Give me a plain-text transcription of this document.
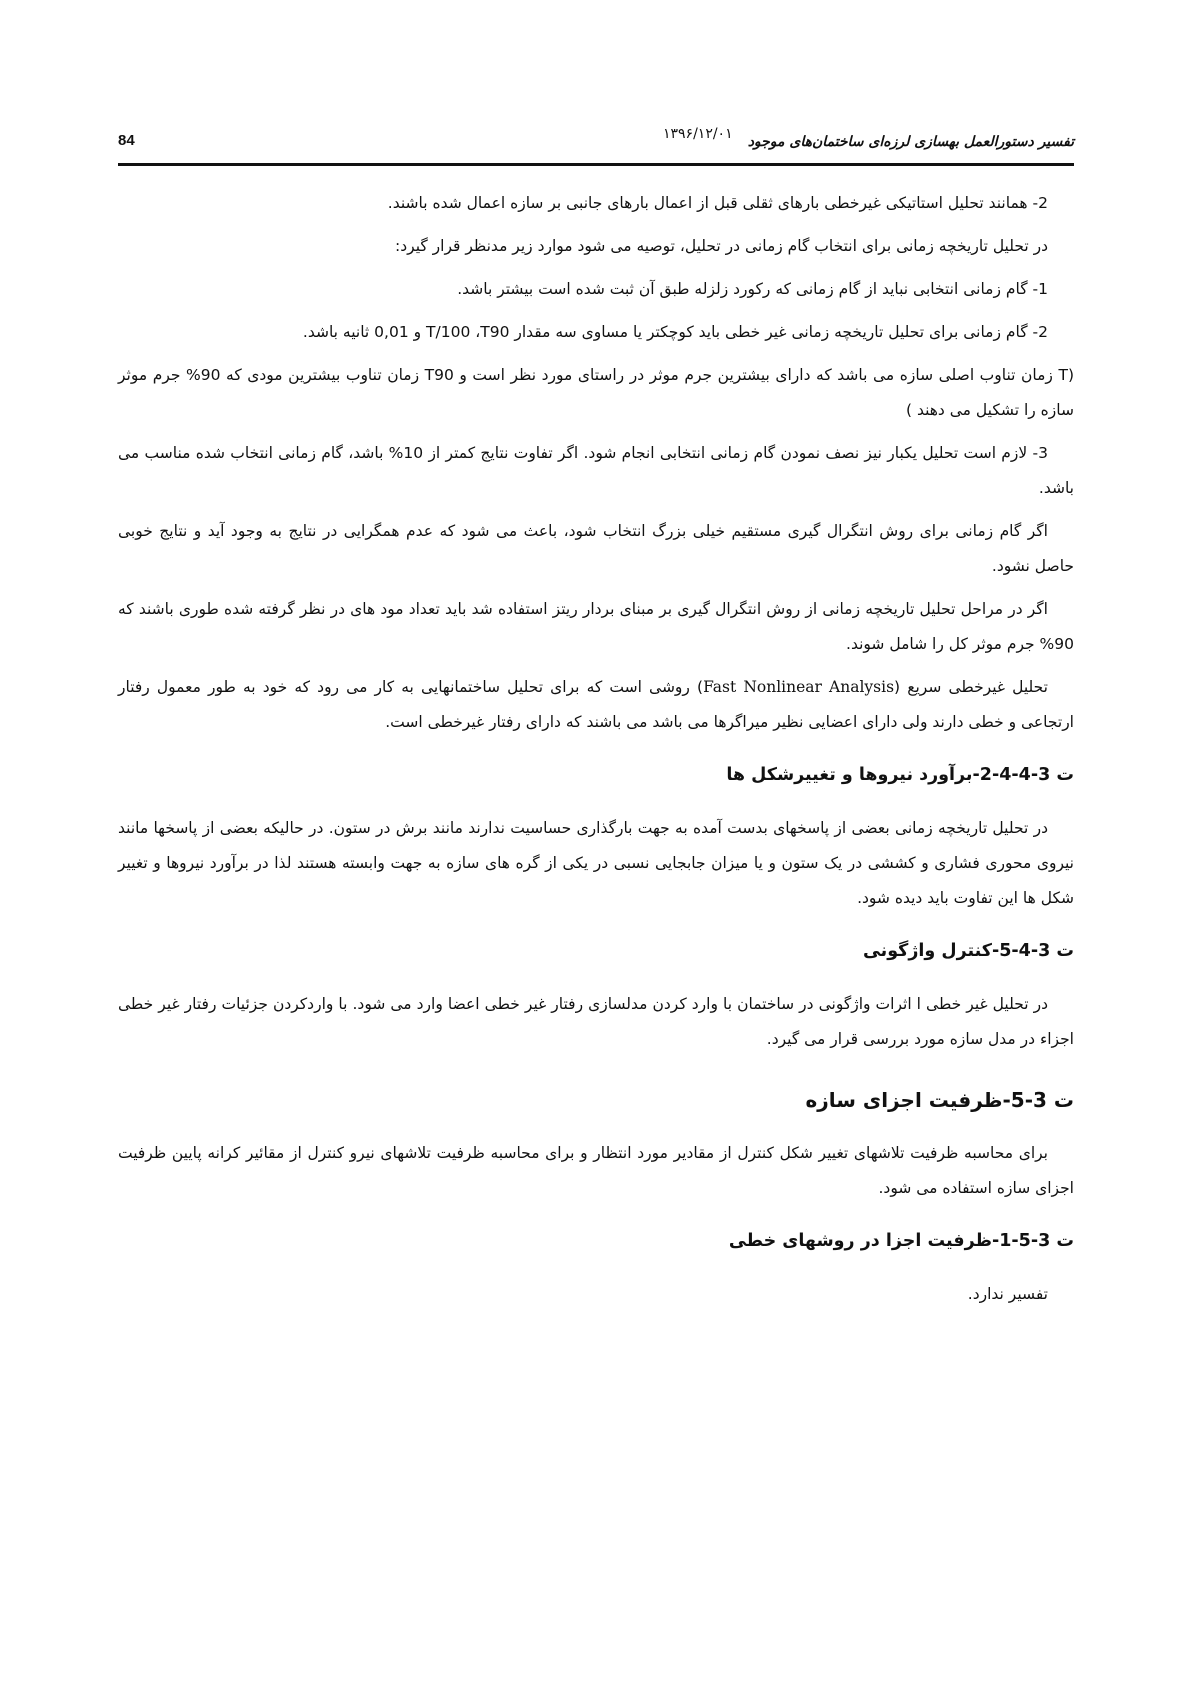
84	۱۳۹۶/۱۲/۰۱ تفسیر دستورالعمل بهسازی لرزه‌ای ساختمان‌های موجود

2- همانند تحلیل استاتیکی غیرخطی بارهای ثقلی قبل از اعمال بارهای جانبی بر سازه اعمال شده باشند.

در تحلیل تاریخچه زمانی برای انتخاب گام زمانی در تحلیل، توصیه می شود موارد زیر مدنظر قرار گیرد:

1- گام زمانی انتخابی نباید از گام زمانی که رکورد زلزله طبق آن ثبت شده است بیشتر باشد.

2- گام زمانی برای تحلیل تاریخچه زمانی غیر خطی باید کوچکتر یا مساوی سه مقدار T/100 ،T90 و 0,01 ثانیه باشد.

(T زمان تناوب اصلی سازه می باشد که دارای بیشترین جرم موثر در راستای مورد نظر است و T90 زمان تناوب بیشترین مودی که 90% جرم موثر سازه را تشکیل می دهند )

3- لازم است تحلیل یکبار نیز نصف نمودن گام زمانی انتخابی انجام شود. اگر تفاوت نتایج کمتر از 10% باشد، گام زمانی انتخاب شده مناسب می باشد.

اگر گام زمانی برای روش انتگرال گیری مستقیم خیلی بزرگ انتخاب شود، باعث می شود که عدم همگرایی در نتایج به وجود آید و نتایج خوبی حاصل نشود.

اگر در مراحل تحلیل تاریخچه زمانی از روش انتگرال گیری بر مبنای بردار ریتز استفاده شد باید تعداد مود های در نظر گرفته شده طوری باشند که 90% جرم موثر کل را شامل شوند.

تحلیل غیرخطی سریع (Fast Nonlinear Analysis) روشی است که برای تحلیل ساختمانهایی به کار می رود که خود به طور معمول رفتار ارتجاعی و خطی دارند ولی دارای اعضایی نظیر میراگرها می باشد می باشند که دارای رفتار غیرخطی است.

ت 3-4-4-2-برآورد نیروها و تغییرشکل ها

در تحلیل تاریخچه زمانی بعضی از پاسخهای بدست آمده به جهت بارگذاری حساسیت ندارند مانند برش در ستون. در حالیکه بعضی از پاسخها مانند نیروی محوری فشاری و کششی در یک ستون و یا میزان جابجایی نسبی در یکی از گره های سازه به جهت وابسته هستند لذا در برآورد نیروها و تغییر شکل ها این تفاوت باید دیده شود.

ت 3-4-5-کنترل واژگونی

در تحلیل غیر خطی ا اثرات واژگونی در ساختمان با وارد کردن مدلسازی رفتار غیر خطی اعضا وارد می شود. با واردکردن جزئیات رفتار غیر خطی اجزاء در مدل سازه مورد بررسی قرار می گیرد.

ت 3-5-ظرفیت اجزای سازه

برای محاسبه ظرفیت تلاشهای تغییر شکل کنترل از مقادیر مورد انتظار و برای محاسبه ظرفیت تلاشهای نیرو کنترل از مقائیر کرانه پایین ظرفیت اجزای سازه استفاده می شود.

ت 3-5-1-ظرفیت اجزا در روشهای خطی

تفسیر ندارد.
